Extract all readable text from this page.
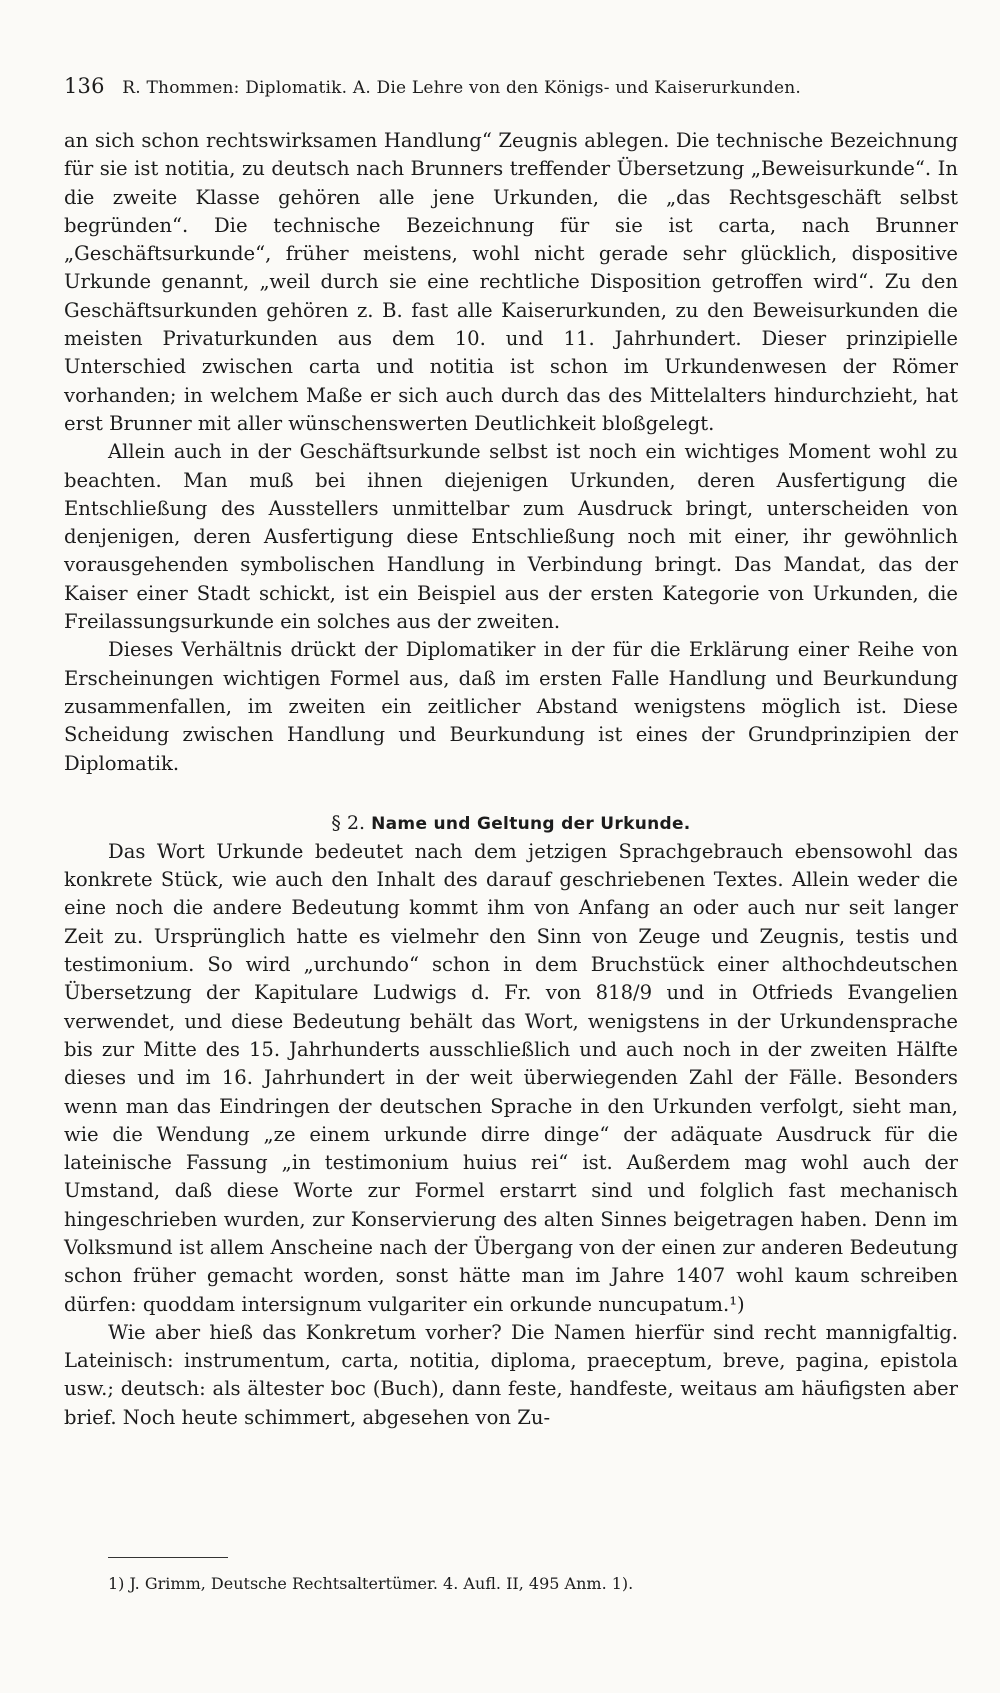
136 R. Thommen: Diplomatik. A. Die Lehre von den Königs- und Kaiserurkunden.

an sich schon rechtswirksamen Handlung“ Zeugnis ablegen. Die technische Bezeichnung für sie ist notitia, zu deutsch nach Brunners treffender Übersetzung „Beweisurkunde“. In die zweite Klasse gehören alle jene Urkunden, die „das Rechtsgeschäft selbst begründen“. Die technische Bezeichnung für sie ist carta, nach Brunner „Geschäftsurkunde“, früher meistens, wohl nicht gerade sehr glücklich, dispositive Urkunde genannt, „weil durch sie eine rechtliche Disposition getroffen wird“. Zu den Geschäftsurkunden gehören z. B. fast alle Kaiserurkunden, zu den Beweisurkunden die meisten Privaturkunden aus dem 10. und 11. Jahrhundert. Dieser prinzipielle Unterschied zwischen carta und notitia ist schon im Urkundenwesen der Römer vorhanden; in welchem Maße er sich auch durch das des Mittelalters hindurchzieht, hat erst Brunner mit aller wünschenswerten Deutlichkeit bloßgelegt.

Allein auch in der Geschäftsurkunde selbst ist noch ein wichtiges Moment wohl zu beachten. Man muß bei ihnen diejenigen Urkunden, deren Ausfertigung die Entschließung des Ausstellers unmittelbar zum Ausdruck bringt, unterscheiden von denjenigen, deren Ausfertigung diese Entschließung noch mit einer, ihr gewöhnlich vorausgehenden symbolischen Handlung in Verbindung bringt. Das Mandat, das der Kaiser einer Stadt schickt, ist ein Beispiel aus der ersten Kategorie von Urkunden, die Freilassungsurkunde ein solches aus der zweiten.

Dieses Verhältnis drückt der Diplomatiker in der für die Erklärung einer Reihe von Erscheinungen wichtigen Formel aus, daß im ersten Falle Handlung und Beurkundung zusammenfallen, im zweiten ein zeitlicher Abstand wenigstens möglich ist. Diese Scheidung zwischen Handlung und Beurkundung ist eines der Grundprinzipien der Diplomatik.

§ 2. Name und Geltung der Urkunde.

Das Wort Urkunde bedeutet nach dem jetzigen Sprachgebrauch ebensowohl das konkrete Stück, wie auch den Inhalt des darauf geschriebenen Textes. Allein weder die eine noch die andere Bedeutung kommt ihm von Anfang an oder auch nur seit langer Zeit zu. Ursprünglich hatte es vielmehr den Sinn von Zeuge und Zeugnis, testis und testimonium. So wird „urchundo“ schon in dem Bruchstück einer althochdeutschen Übersetzung der Kapitulare Ludwigs d. Fr. von 818/9 und in Otfrieds Evangelien verwendet, und diese Bedeutung behält das Wort, wenigstens in der Urkundensprache bis zur Mitte des 15. Jahrhunderts ausschließlich und auch noch in der zweiten Hälfte dieses und im 16. Jahrhundert in der weit überwiegenden Zahl der Fälle. Besonders wenn man das Eindringen der deutschen Sprache in den Urkunden verfolgt, sieht man, wie die Wendung „ze einem urkunde dirre dinge“ der adäquate Ausdruck für die lateinische Fassung „in testimonium huius rei“ ist. Außerdem mag wohl auch der Umstand, daß diese Worte zur Formel erstarrt sind und folglich fast mechanisch hingeschrieben wurden, zur Konservierung des alten Sinnes beigetragen haben. Denn im Volksmund ist allem Anscheine nach der Übergang von der einen zur anderen Bedeutung schon früher gemacht worden, sonst hätte man im Jahre 1407 wohl kaum schreiben dürfen: quoddam intersignum vulgariter ein orkunde nuncupatum.¹)

Wie aber hieß das Konkretum vorher? Die Namen hierfür sind recht mannigfaltig. Lateinisch: instrumentum, carta, notitia, diploma, praeceptum, breve, pagina, epistola usw.; deutsch: als ältester boc (Buch), dann feste, handfeste, weitaus am häufigsten aber brief. Noch heute schimmert, abgesehen von Zu-

1) J. Grimm, Deutsche Rechtsaltertümer. 4. Aufl. II, 495 Anm. 1).
